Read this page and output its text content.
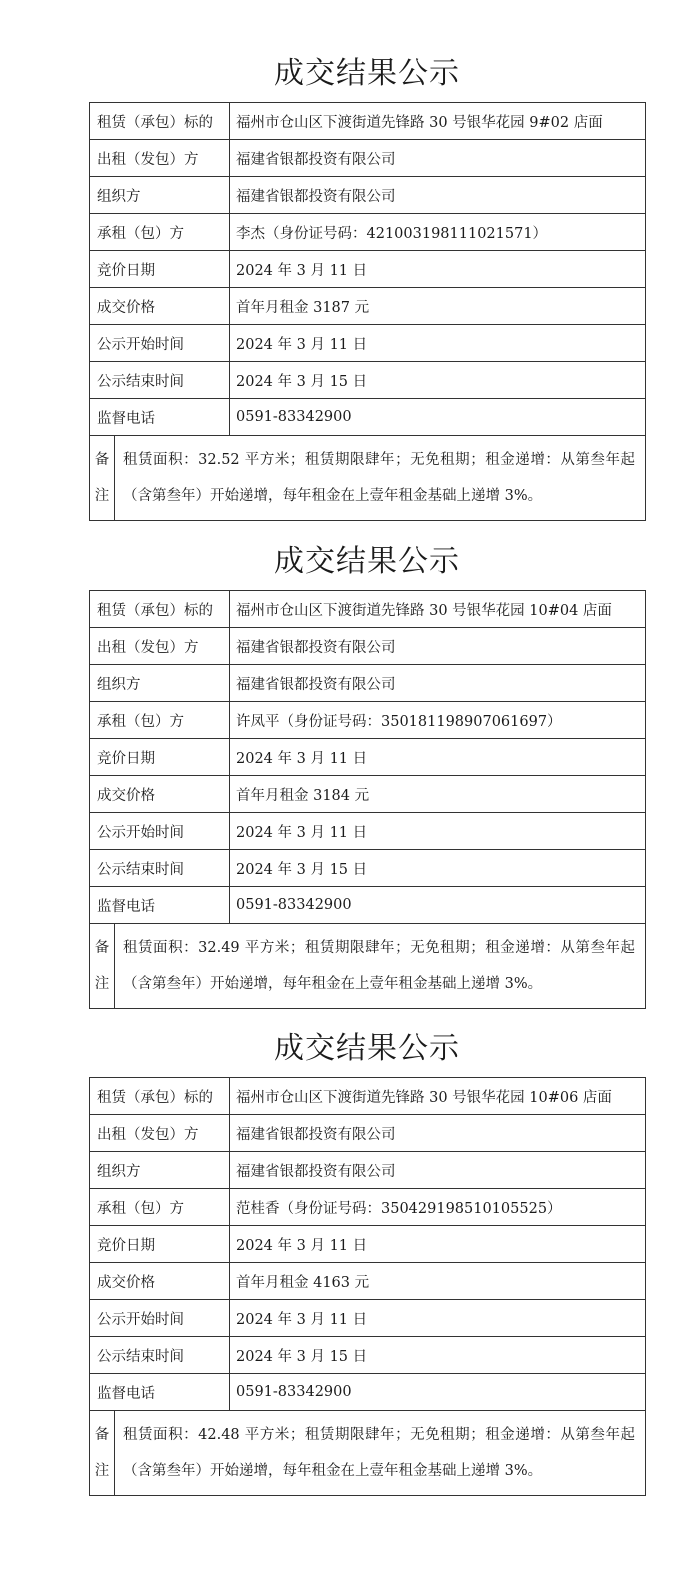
成交结果公示
租赁（承包）标的		福州市仓山区下渡街道先锋路 30 号银华花园 9#02 店面
出租（发包）方		福建省银都投资有限公司
组织方		福建省银都投资有限公司
承租（包）方		李杰（身份证号码：421003198111021571）
竞价日期		2024 年 3 月 11 日
成交价格		首年月租金 3187 元
公示开始时间		2024 年 3 月 11 日
公示结束时间		2024 年 3 月 15 日
监督电话		0591-83342900
备注	租赁面积：32.52 平方米；租赁期限肆年；无免租期；租金递增：从第叁年起（含第叁年）开始递增，每年租金在上壹年租金基础上递增 3%。	
成交结果公示
租赁（承包）标的		福州市仓山区下渡街道先锋路 30 号银华花园 10#04 店面
出租（发包）方		福建省银都投资有限公司
组织方		福建省银都投资有限公司
承租（包）方		许凤平（身份证号码：350181198907061697）
竞价日期		2024 年 3 月 11 日
成交价格		首年月租金 3184 元
公示开始时间		2024 年 3 月 11 日
公示结束时间		2024 年 3 月 15 日
监督电话		0591-83342900
备注	租赁面积：32.49 平方米；租赁期限肆年；无免租期；租金递增：从第叁年起（含第叁年）开始递增，每年租金在上壹年租金基础上递增 3%。	
成交结果公示
租赁（承包）标的		福州市仓山区下渡街道先锋路 30 号银华花园 10#06 店面
出租（发包）方		福建省银都投资有限公司
组织方		福建省银都投资有限公司
承租（包）方		范桂香（身份证号码：350429198510105525）
竞价日期		2024 年 3 月 11 日
成交价格		首年月租金 4163 元
公示开始时间		2024 年 3 月 11 日
公示结束时间		2024 年 3 月 15 日
监督电话		0591-83342900
备注	租赁面积：42.48 平方米；租赁期限肆年；无免租期；租金递增：从第叁年起（含第叁年）开始递增，每年租金在上壹年租金基础上递增 3%。	
